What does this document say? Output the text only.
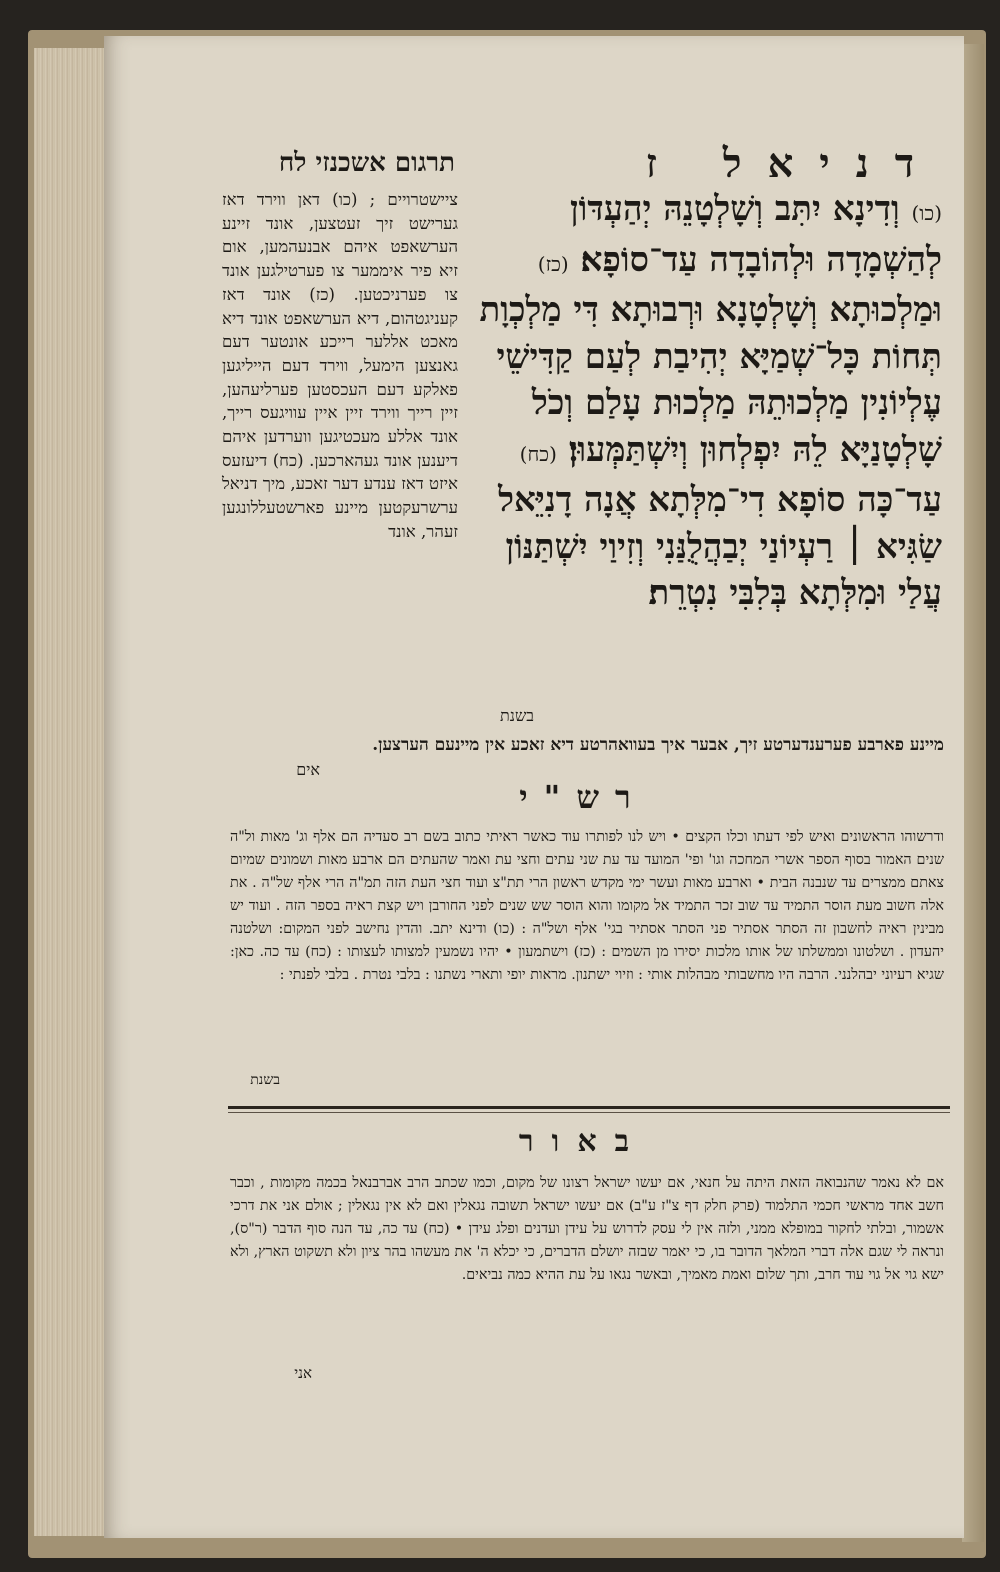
דניאל ז
תרגום אשכנזי לח
(כו) וְדִינָא יִתִּב וְשָׁלְטָנֵהּ יְהַעְדּוֹן לְהַשְׁמָדָה וּלְהוֹבָדָה עַד־סוֹפָא׃ (כז) וּמַלְכוּתָא וְשָׁלְטָנָא וּרְבוּתָא דִּי מַלְכְוָת תְּחוֹת כָּל־שְׁמַיָּא יְהִיבַת לְעַם קַדִּישֵׁי עֶלְיוֹנִין מַלְכוּתֵהּ מַלְכוּת עָלַם וְכֹל שָׁלְטָנַיָּא לֵהּ יִפְלְחוּן וְיִשְׁתַּמְּעוּן׃ (כח) עַד־כָּה סוֹפָא דִי־מִלְּתָא אֲנָה דָנִיֵּאל שַׂגִּיא ׀ רַעְיוֹנַי יְבַהֲלֻנַּנִי וְזִיוַי יִשְׁתַּנּוֹן עֲלַי וּמִלְּתָא בְּלִבִּי נִטְרֵת׃
ציישטרויים ; (כו) דאן ווירד דאז גערישט זיך זעטצען, אונד זיינע הערשאפט איהם אבנעהמען, אום זיא פיר איממער צו פערטילגען אונד צו פערניכטען. (כז) אונד דאז קעניגטהום, דיא הערשאפט אונד דיא מאכט אללער רייכע אונטער דעם גאנצען הימעל, ווירד דעם הייליגען פאלקע דעם העכסטען פערליעהען, זיין רייך ווירד זיין איין עוויגעס רייך, אונד אללע מעכטיגען ווערדען איהם דיענען אונד געהארכען. (כח) דיעזעס איזט דאז ענדע דער זאכע, מיך דניאל ערשרעקטען מיינע פארשטעללונגען זעהר, אונד
בשנת
מיינע פארבע פערענדערטע זיך, אבער איך בעוואהרטע דיא זאכע אין מיינעם הערצען.
אים
רש"י
ודרשוהו הראשונים ואיש לפי דעתו וכלו הקצים • ויש לנו לפותרו עוד כאשר ראיתי כתוב בשם רב סעדיה הם אלף וג' מאות ול"ה שנים האמור בסוף הספר אשרי המחכה וגו' ופי' המועד עד עת שני עתים וחצי עת ואמר שהעתים הם ארבע מאות ושמונים שמיום צאתם ממצרים עד שנבנה הבית • וארבע מאות ועשר ימי מקדש ראשון הרי תת"צ ועוד חצי העת הזה תמ"ה הרי אלף של"ה . את אלה חשוב מעת הוסר התמיד עד שוב זכר התמיד אל מקומו והוא הוסר שש שנים לפני החורבן ויש קצת ראיה בספר הזה . ועוד יש מבינין ראיה לחשבון זה הסתר אסתיר פני הסתר אסתיר בגי' אלף ושל"ה : (כו) ודינא יתב. והדין נחישב לפני המקום: ושלטנה יהעדון . ושלטונו וממשלתו של אותו מלכות יסירו מן השמים : (כז) וישתמעון • יהיו נשמעין למצותו לעצותו : (כח) עד כה. כאן: שגיא רעיוני יבהלנני. הרבה היו מחשבותי מבהלות אותי : וזיוי ישתנון. מראות יופי ותארי נשתנו : בלבי נטרת . בלבי לפנתי :
בשנת
באור
אם לא נאמר שהנבואה הזאת היתה על חנאי, אם יעשו ישראל רצונו של מקום, וכמו שכתב הרב אברבנאל בכמה מקומות , וכבר חשב אחד מראשי חכמי התלמוד (פרק חלק דף צ"ז ע"ב) אם יעשו ישראל תשובה נגאלין ואם לא אין נגאלין ; אולם אני את דרכי אשמור, ובלתי לחקור במופלא ממני, ולזה אין לי עסק לדרוש על עידן ועדנים ופלג עידן • (כח) עד כה, עד הנה סוף הדבר (ר"ס), ונראה לי שגם אלה דברי המלאך הדובר בו, כי יאמר שבזה יושלם הדברים, כי יכלא ה' את מעשהו בהר ציון ולא תשקוט הארץ, ולא ישא גוי אל גוי עוד חרב, ותך שלום ואמת מאמיך, ובאשר נגאו על עת ההיא כמה נביאים.
אני
